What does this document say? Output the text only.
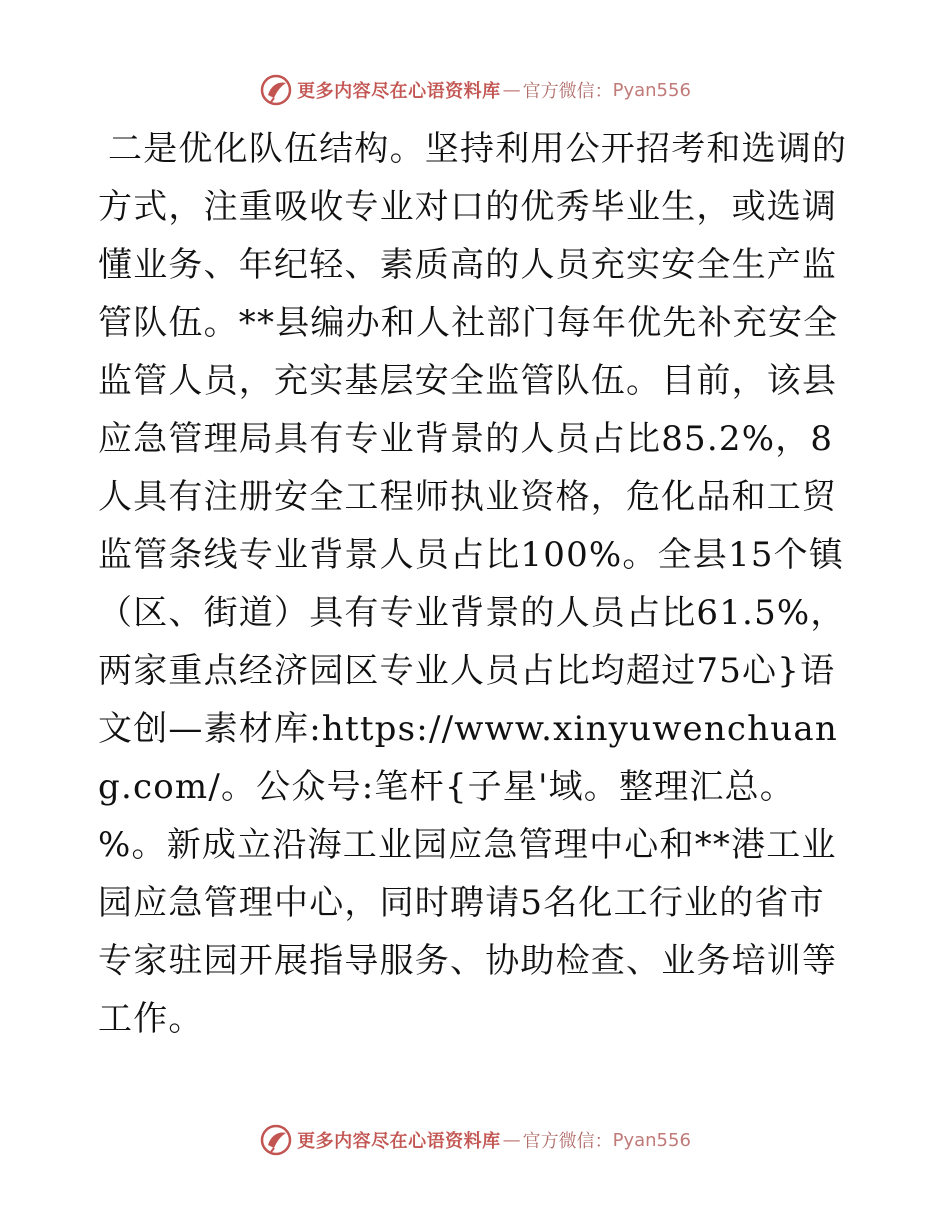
更多内容尽在心语资料库 — 官方微信： Pyan556

二是优化队伍结构。坚持利用公开招考和选调的方式，注重吸收专业对口的优秀毕业生，或选调懂业务、年纪轻、素质高的人员充实安全生产监管队伍。**县编办和人社部门每年优先补充安全监管人员，充实基层安全监管队伍。目前，该县应急管理局具有专业背景的人员占比85.2%，8人具有注册安全工程师执业资格，危化品和工贸监管条线专业背景人员占比100%。全县15个镇（区、街道）具有专业背景的人员占比61.5%，两家重点经济园区专业人员占比均超过75心}语文创—素材库:https://www.xinyuwenchuang.com/。公众号:笔杆{子星'域。整理汇总。%。新成立沿海工业园应急管理中心和**港工业园应急管理中心，同时聘请5名化工行业的省市专家驻园开展指导服务、协助检查、业务培训等工作。

更多内容尽在心语资料库 — 官方微信： Pyan556
